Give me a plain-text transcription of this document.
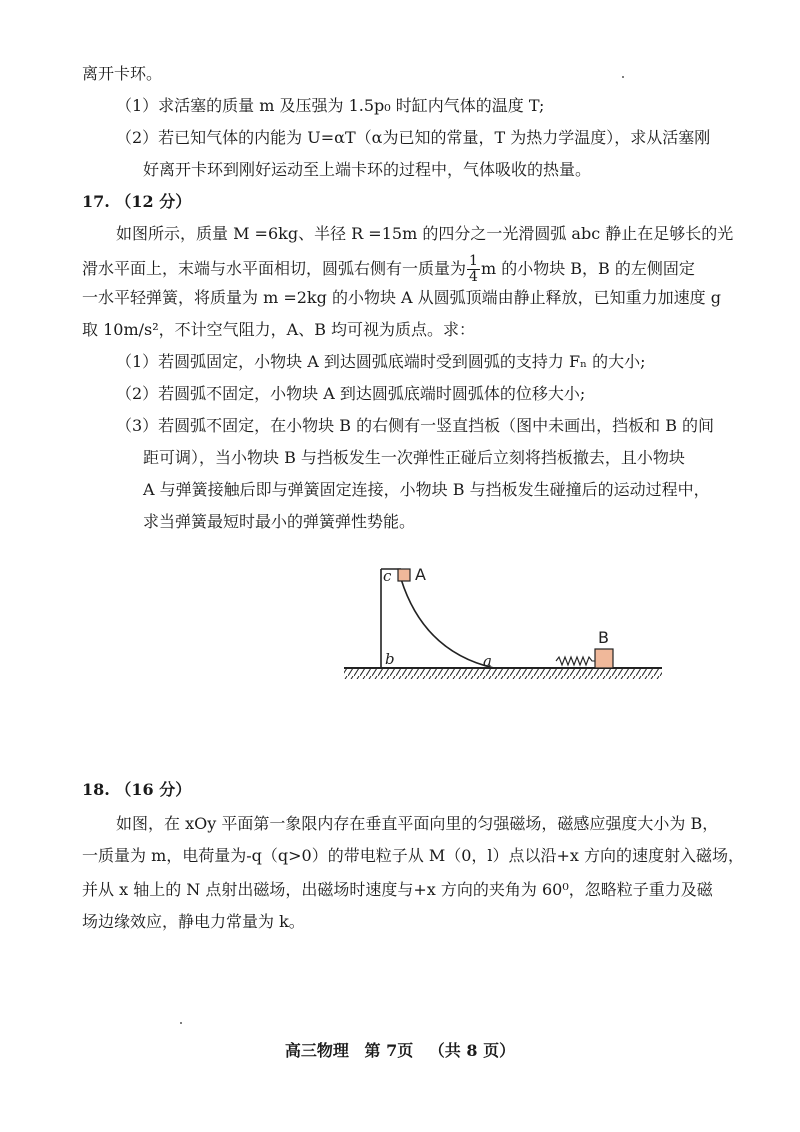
离开卡环。
（1）求活塞的质量 m 及压强为 1.5p₀ 时缸内气体的温度 T;
（2）若已知气体的内能为 U=αT（α为已知的常量，T 为热力学温度），求从活塞刚
好离开卡环到刚好运动至上端卡环的过程中，气体吸收的热量。
17. （12 分）
如图所示，质量 M =6kg、半径 R =15m 的四分之一光滑圆弧 abc 静止在足够长的光
滑水平面上，末端与水平面相切，圆弧右侧有一质量为 $\frac{1}{4}$ m 的小物块 B，B 的左侧固定
一水平轻弹簧，将质量为 m =2kg 的小物块 A 从圆弧顶端由静止释放，已知重力加速度 g
取 10m/s²，不计空气阻力，A、B 均可视为质点。求：
（1）若圆弧固定，小物块 A 到达圆弧底端时受到圆弧的支持力 Fₙ 的大小;
（2）若圆弧不固定，小物块 A 到达圆弧底端时圆弧体的位移大小;
（3）若圆弧不固定，在小物块 B 的右侧有一竖直挡板（图中未画出，挡板和 B 的间
距可调），当小物块 B 与挡板发生一次弹性正碰后立刻将挡板撤去，且小物块
A 与弹簧接触后即与弹簧固定连接，小物块 B 与挡板发生碰撞后的运动过程中，
求当弹簧最短时最小的弹簧弹性势能。
c A
b	a
B
18. （16 分）
如图，在 xOy 平面第一象限内存在垂直平面向里的匀强磁场，磁感应强度大小为 B，
一质量为 m，电荷量为-q（q>0）的带电粒子从 M（0，l）点以沿+x 方向的速度射入磁场，
并从 x 轴上的 N 点射出磁场，出磁场时速度与+x 方向的夹角为 60⁰，忽略粒子重力及磁
场边缘效应，静电力常量为 k。
高三物理 第 7页 （共 8 页）
